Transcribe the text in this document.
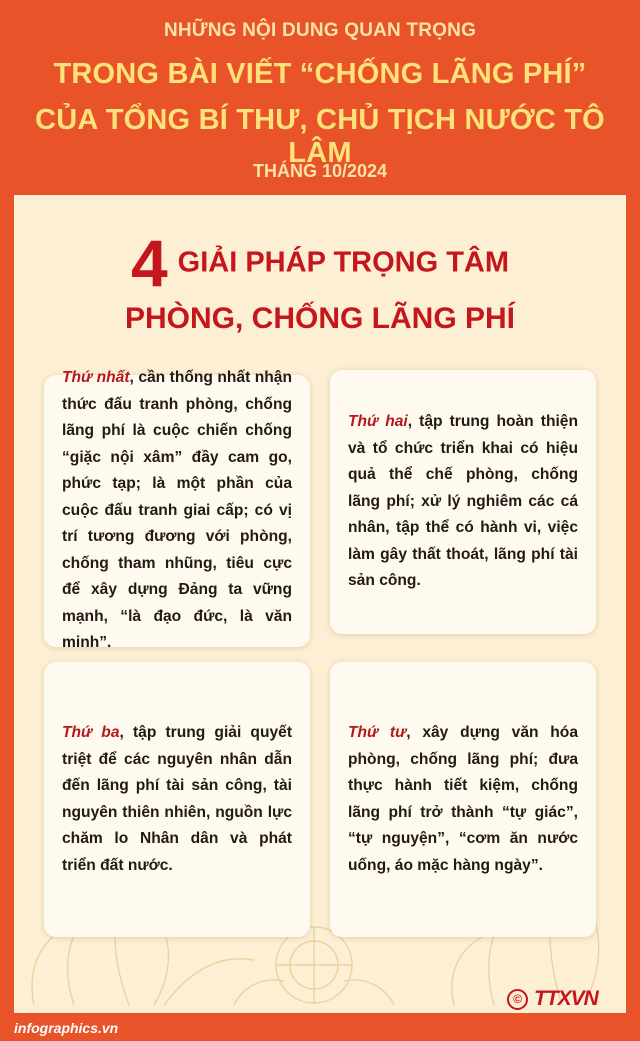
NHỮNG NỘI DUNG QUAN TRỌNG
TRONG BÀI VIẾT “CHỐNG LÃNG PHÍ”
CỦA TỔNG BÍ THƯ, CHỦ TỊCH NƯỚC TÔ LÂM
THÁNG 10/2024
4 GIẢI PHÁP TRỌNG TÂM
PHÒNG, CHỐNG LÃNG PHÍ

Thứ nhất, cần thống nhất nhận thức đấu tranh phòng, chống lãng phí là cuộc chiến chống “giặc nội xâm” đầy cam go, phức tạp; là một phần của cuộc đấu tranh giai cấp; có vị trí tương đương với phòng, chống tham nhũng, tiêu cực để xây dựng Đảng ta vững mạnh, “là đạo đức, là văn minh”.

Thứ hai, tập trung hoàn thiện và tổ chức triển khai có hiệu quả thể chế phòng, chống lãng phí; xử lý nghiêm các cá nhân, tập thể có hành vi, việc làm gây thất thoát, lãng phí tài sản công.

Thứ ba, tập trung giải quyết triệt để các nguyên nhân dẫn đến lãng phí tài sản công, tài nguyên thiên nhiên, nguồn lực chăm lo Nhân dân và phát triển đất nước.

Thứ tư, xây dựng văn hóa phòng, chống lãng phí; đưa thực hành tiết kiệm, chống lãng phí trở thành “tự giác”, “tự nguyện”, “cơm ăn nước uống, áo mặc hàng ngày”.

© TTXVN
infographics.vn
